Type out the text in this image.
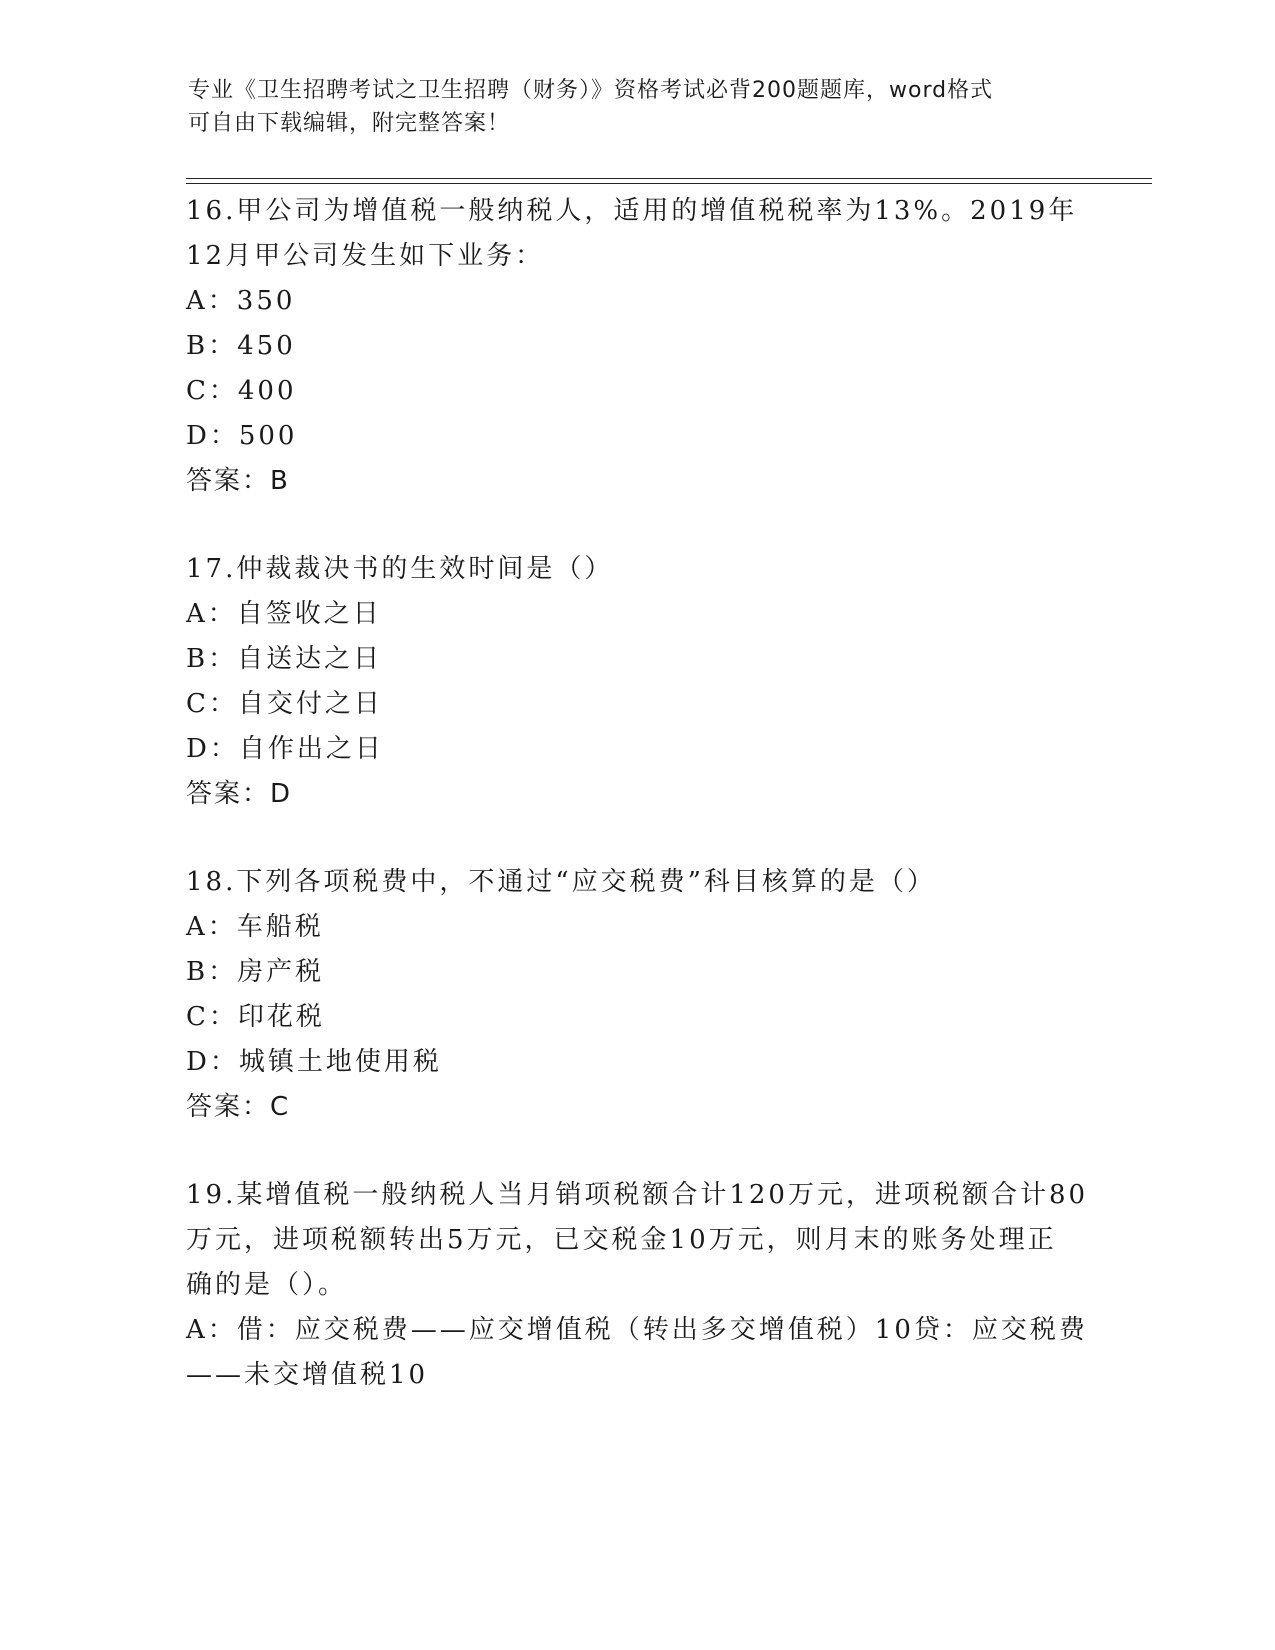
专业《卫生招聘考试之卫生招聘（财务）》资格考试必背200题题库，word格式
可自由下载编辑，附完整答案！
16.甲公司为增值税一般纳税人，适用的增值税税率为13%。2019年
12月甲公司发生如下业务：
A：350
B：450
C：400
D：500
答案：B
17.仲裁裁决书的生效时间是（）
A：自签收之日
B：自送达之日
C：自交付之日
D：自作出之日
答案：D
18.下列各项税费中，不通过“应交税费”科目核算的是（）
A：车船税
B：房产税
C：印花税
D：城镇土地使用税
答案：C
19.某增值税一般纳税人当月销项税额合计120万元，进项税额合计80
万元，进项税额转出5万元，已交税金10万元，则月末的账务处理正
确的是（）。
A：借：应交税费——应交增值税（转出多交增值税）10贷：应交税费
——未交增值税10
